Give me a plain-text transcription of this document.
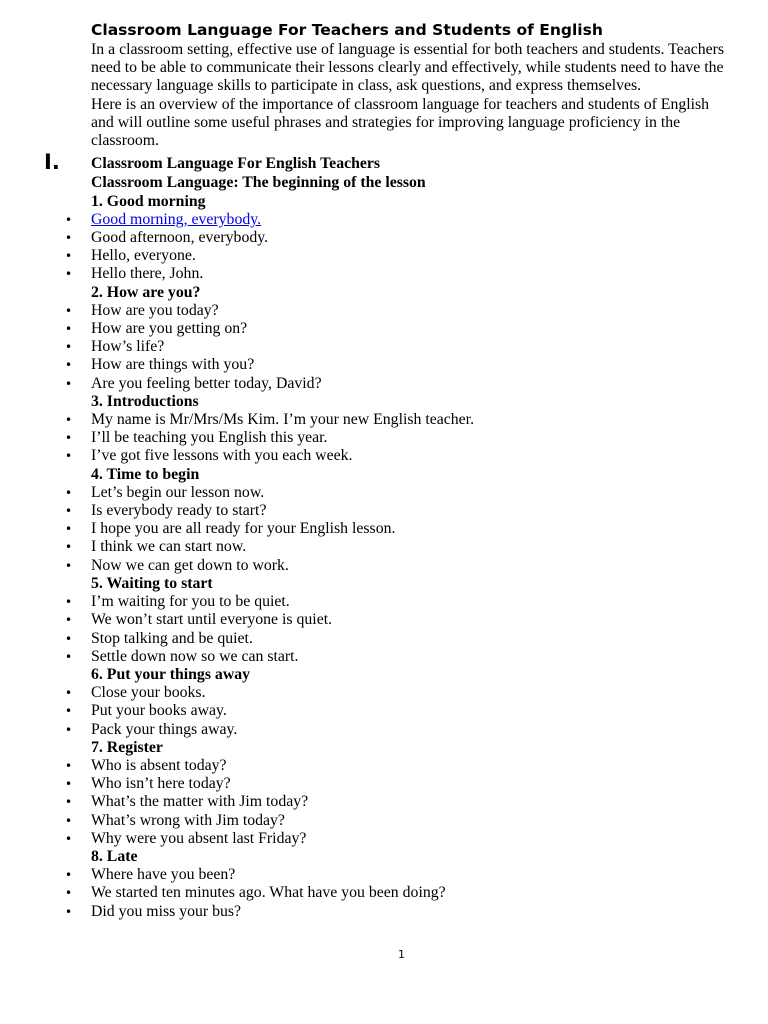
Classroom Language For Teachers and Students of English

In a classroom setting, effective use of language is essential for both teachers and students. Teachers need to be able to communicate their lessons clearly and effectively, while students need to have the necessary language skills to participate in class, ask questions, and express themselves.

Here is an overview of the importance of classroom language for teachers and students of English and will outline some useful phrases and strategies for improving language proficiency in the classroom.

I. Classroom Language For English Teachers

Classroom Language: The beginning of the lesson

1. Good morning

• Good morning, everybody.
• Good afternoon, everybody.
• Hello, everyone.
• Hello there, John.

2. How are you?

• How are you today?
• How are you getting on?
• How’s life?
• How are things with you?
• Are you feeling better today, David?

3. Introductions

• My name is Mr/Mrs/Ms Kim. I’m your new English teacher.
• I’ll be teaching you English this year.
• I’ve got five lessons with you each week.

4. Time to begin

• Let’s begin our lesson now.
• Is everybody ready to start?
• I hope you are all ready for your English lesson.
• I think we can start now.
• Now we can get down to work.

5. Waiting to start

• I’m waiting for you to be quiet.
• We won’t start until everyone is quiet.
• Stop talking and be quiet.
• Settle down now so we can start.

6. Put your things away

• Close your books.
• Put your books away.
• Pack your things away.

7. Register

• Who is absent today?
• Who isn’t here today?
• What’s the matter with Jim today?
• What’s wrong with Jim today?
• Why were you absent last Friday?

8. Late

• Where have you been?
• We started ten minutes ago. What have you been doing?
• Did you miss your bus?
1
